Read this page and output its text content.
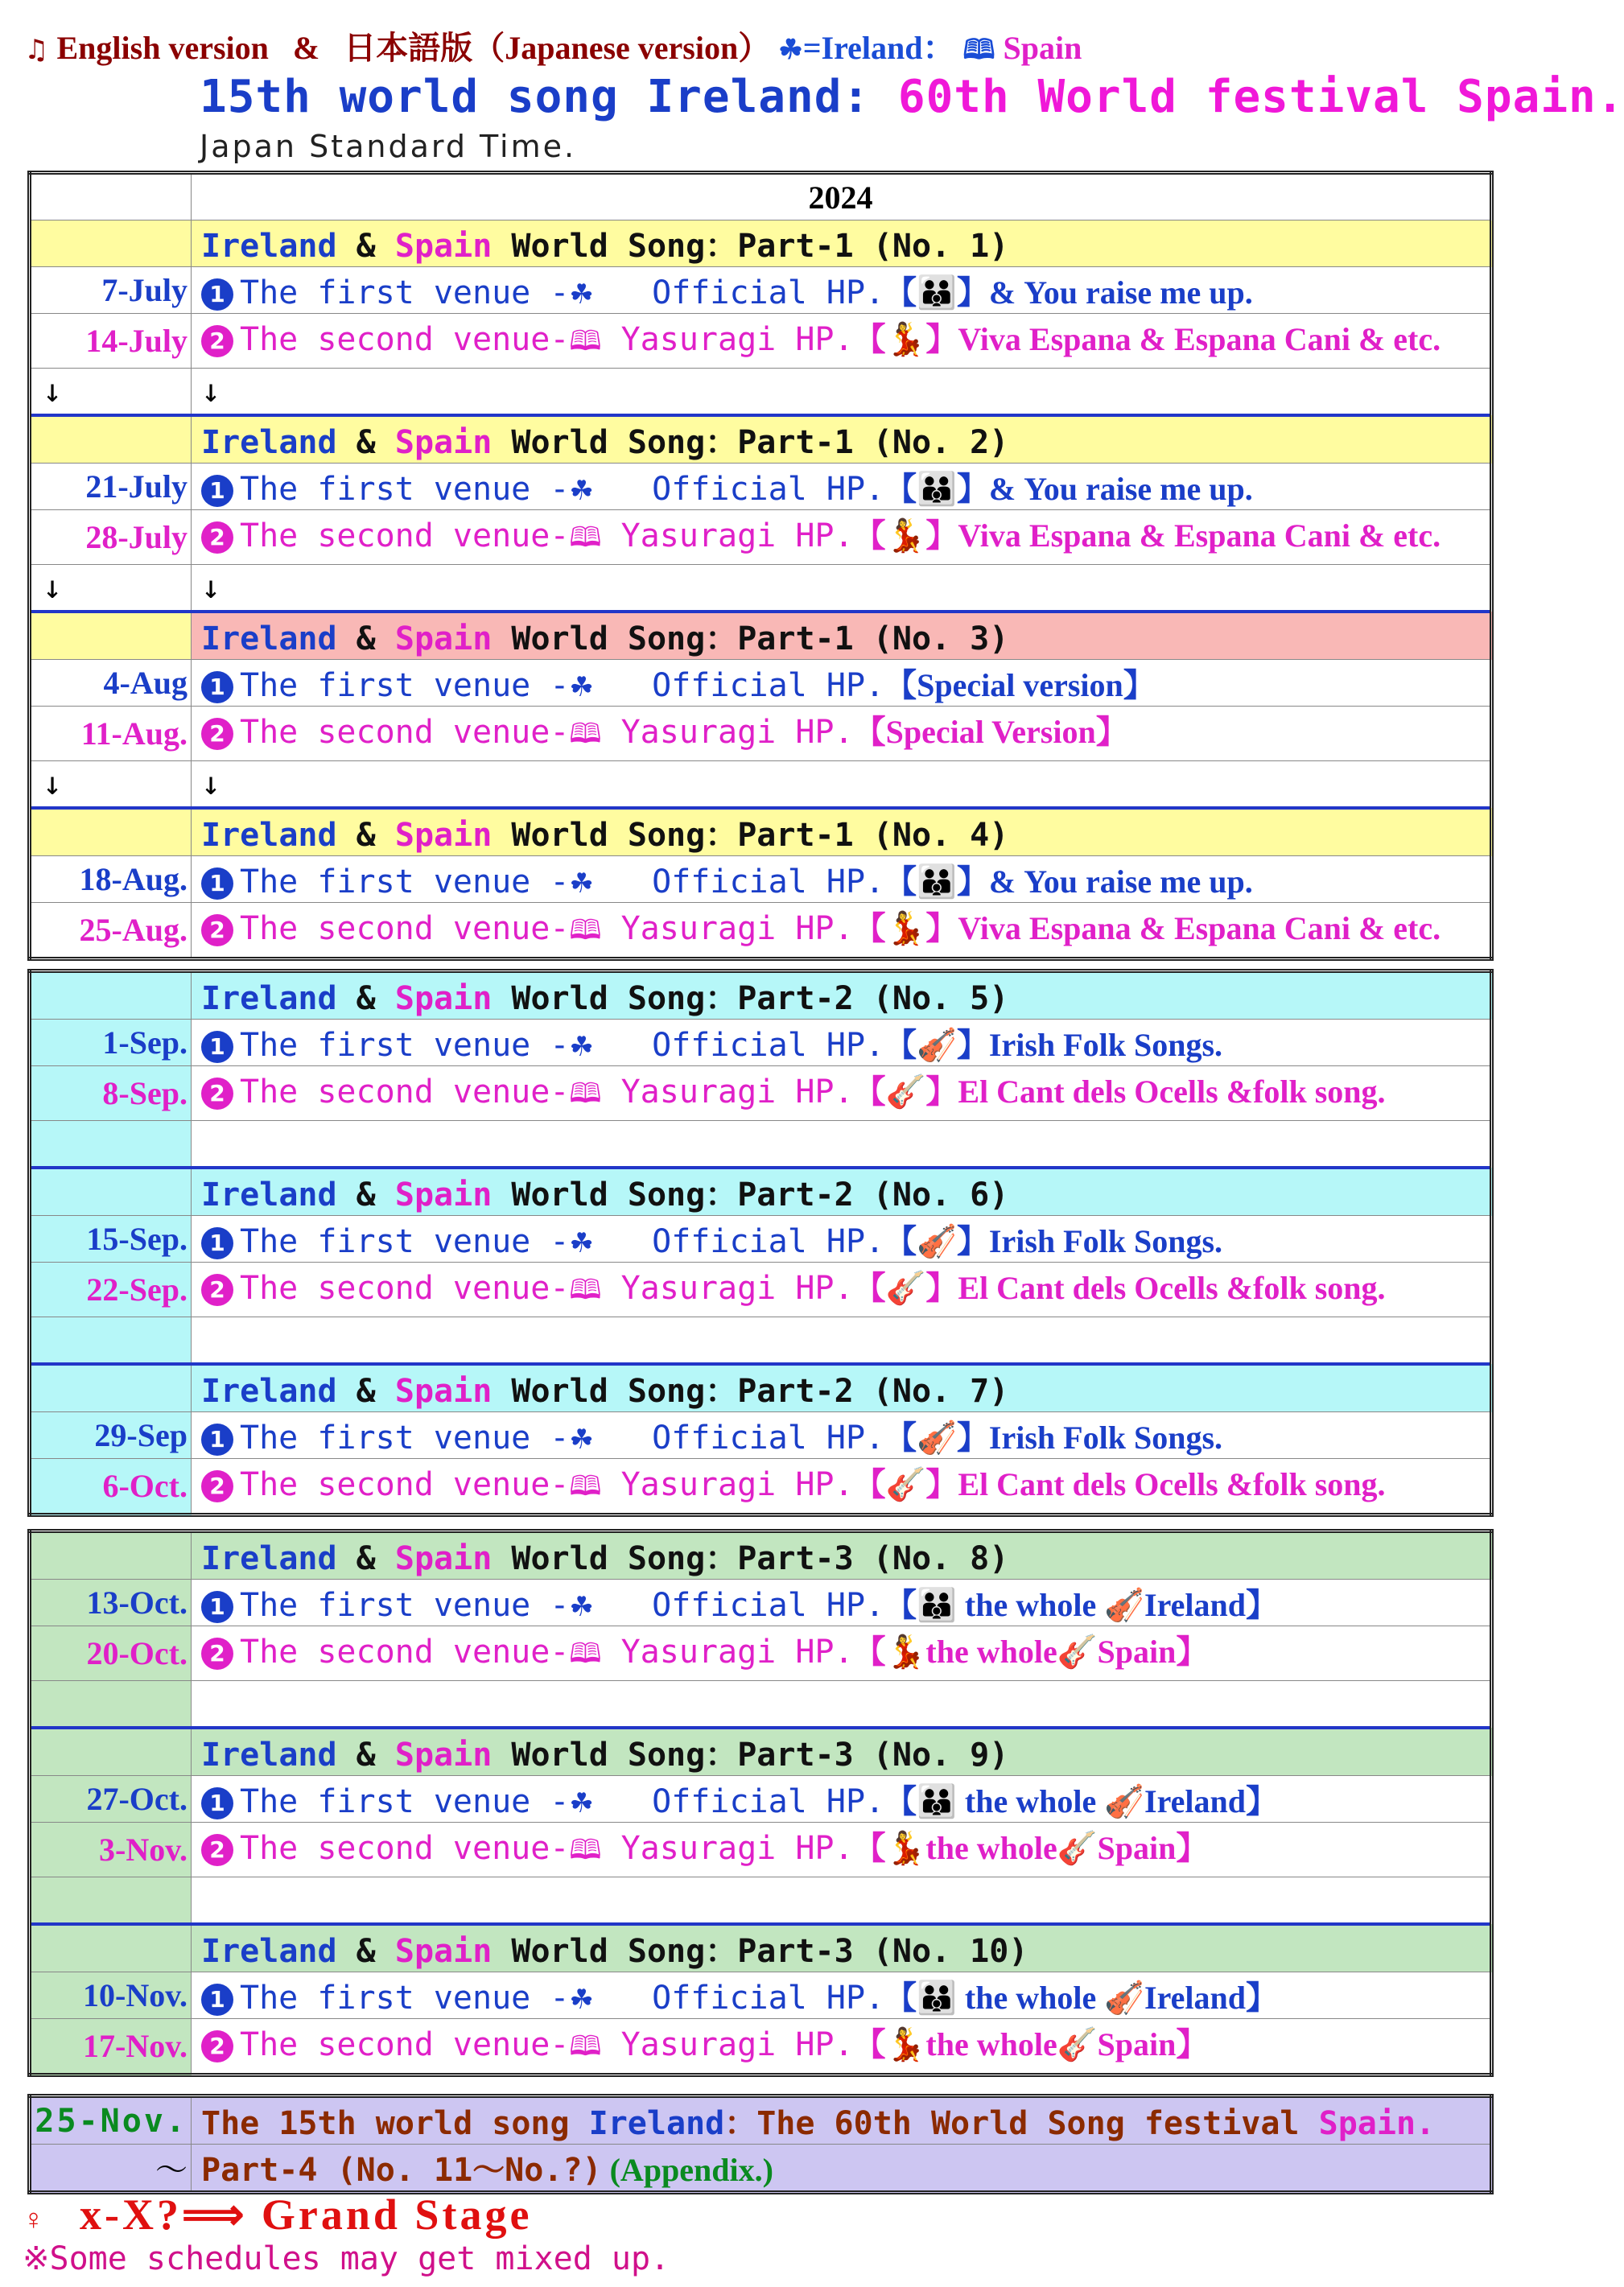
♫ English version & 日本語版（Japanese version） ☘=Ireland： 🕮 Spain
15th world song Ireland: 60th World festival Spain.
Japan Standard Time.
	2024
	Ireland & Spain World Song：Part-1 (No. 1)
7-July	1 The first venue -☘ Official HP.【👪】& You raise me up.
14-July	2 The second venue-🕮 Yasuragi HP.【💃】Viva Espana & Espana Cani & etc.
↓	↓
	Ireland & Spain World Song：Part-1 (No. 2)
21-July	1 The first venue -☘ Official HP.【👪】& You raise me up.
28-July	2 The second venue-🕮 Yasuragi HP.【💃】Viva Espana & Espana Cani & etc.
↓	↓
	Ireland & Spain World Song：Part-1 (No. 3)
4-Aug	1 The first venue -☘ Official HP.【Special version】
11-Aug.	2 The second venue-🕮 Yasuragi HP.【Special Version】
↓	↓
	Ireland & Spain World Song：Part-1 (No. 4)
18-Aug.	1 The first venue -☘ Official HP.【👪】& You raise me up.
25-Aug.	2 The second venue-🕮 Yasuragi HP.【💃】Viva Espana & Espana Cani & etc.
	Ireland & Spain World Song：Part-2 (No. 5)
1-Sep.	1 The first venue -☘ Official HP.【🎻】Irish Folk Songs.
8-Sep.	2 The second venue-🕮 Yasuragi HP.【🎸】El Cant dels Ocells &folk song.

	Ireland & Spain World Song：Part-2 (No. 6)
15-Sep.	1 The first venue -☘ Official HP.【🎻】Irish Folk Songs.
22-Sep.	2 The second venue-🕮 Yasuragi HP.【🎸】El Cant dels Ocells &folk song.

	Ireland & Spain World Song：Part-2 (No. 7)
29-Sep	1 The first venue -☘ Official HP.【🎻】Irish Folk Songs.
6-Oct.	2 The second venue-🕮 Yasuragi HP.【🎸】El Cant dels Ocells &folk song.
	Ireland & Spain World Song：Part-3 (No. 8)
13-Oct.	1 The first venue -☘ Official HP.【👪 the whole 🎻Ireland】
20-Oct.	2 The second venue-🕮 Yasuragi HP.【💃the whole🎸Spain】

	Ireland & Spain World Song：Part-3 (No. 9)
27-Oct.	1 The first venue -☘ Official HP.【👪 the whole 🎻Ireland】
3-Nov.	2 The second venue-🕮 Yasuragi HP.【💃the whole🎸Spain】

	Ireland & Spain World Song：Part-3 (No. 10)
10-Nov.	1 The first venue -☘ Official HP.【👪 the whole 🎻Ireland】
17-Nov.	2 The second venue-🕮 Yasuragi HP.【💃the whole🎸Spain】
25-Nov.	The 15th world song Ireland：The 60th World Song festival Spain.
～	Part-4 (No. 11～No.?) (Appendix.)
♀ x-X?⟹ Grand Stage
※Some schedules may get mixed up.
